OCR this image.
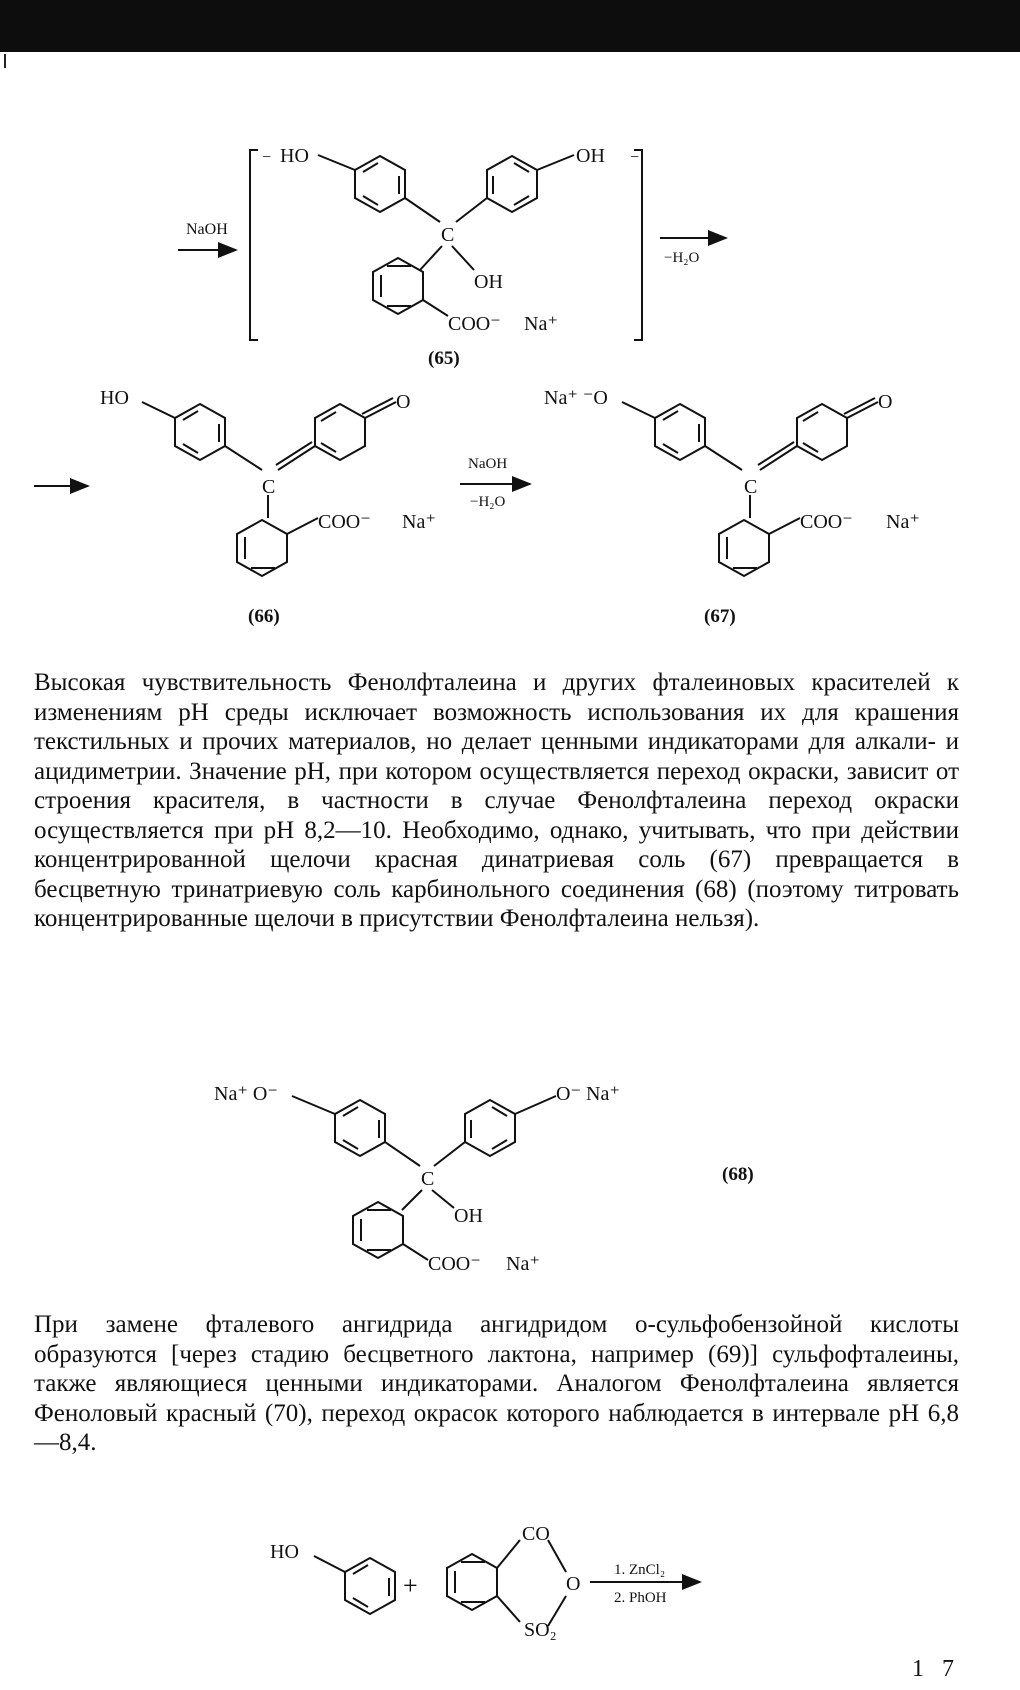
NaOH
−	−
HO	OH
C
OH
COO⁻ Na⁺
(65)
−H₂O
HO	O
C
COO⁻ Na⁺
(66)
NaOH
−H₂O
Na⁺ ⁻O	O
C
COO⁻ Na⁺
(67)
Na⁺ O⁻	O⁻ Na⁺
C
OH
COO⁻ Na⁺
(68)
HO
+
CO
O
SO₂
1. ZnCl₂
2. PhOH

Высокая чувствительность Фенолфталеина и других фталеиновых красителей к изменениям рН среды исключает возможность использования их для крашения текстильных и прочих материалов, но делает ценными индикаторами для алкали- и ацидиметрии. Значение рН, при котором осуществляется переход окраски, зависит от строения красителя, в частности в случае Фенолфталеина переход окраски осуществляется при рН 8,2—10. Необходимо, однако, учитывать, что при действии концентрированной щелочи красная динатриевая соль (67) превращается в бесцветную тринатриевую соль карбинольного соединения (68) (поэтому титровать концентрированные щелочи в присутствии Фенолфталеина нельзя).

При замене фталевого ангидрида ангидридом о-сульфобензойной кислоты образуются [через стадию бесцветного лактона, например (69)] сульфофталеины, также являющиеся ценными индикаторами. Аналогом Фенолфталеина является Феноловый красный (70), переход окрасок которого наблюдается в интервале рН 6,8—8,4.

1 7
